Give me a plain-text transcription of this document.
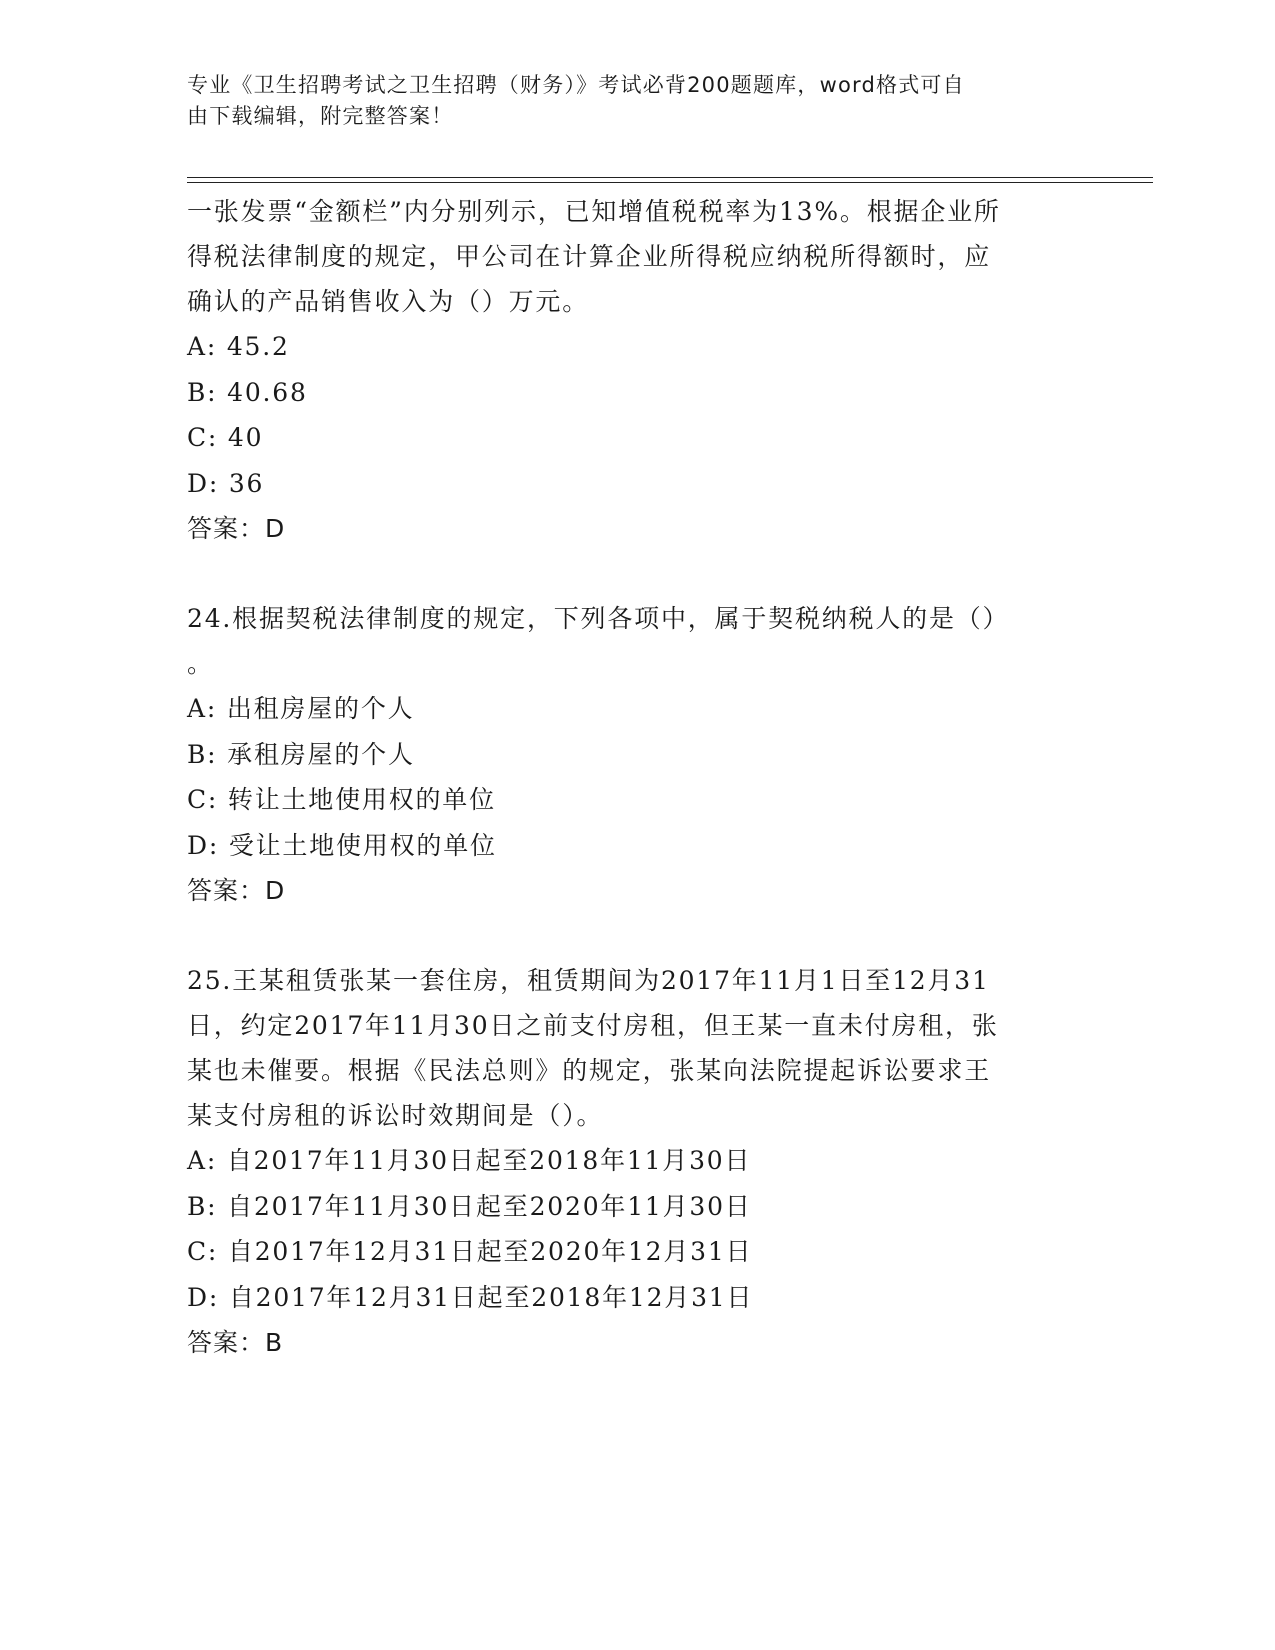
专业《卫生招聘考试之卫生招聘（财务）》考试必背200题题库，word格式可自
由下载编辑，附完整答案！
一张发票“金额栏”内分别列示，已知增值税税率为13%。根据企业所
得税法律制度的规定，甲公司在计算企业所得税应纳税所得额时，应
确认的产品销售收入为（）万元。
A: 45.2
B: 40.68
C: 40
D: 36
答案：D
24.根据契税法律制度的规定，下列各项中，属于契税纳税人的是（）
。
A: 出租房屋的个人
B: 承租房屋的个人
C: 转让土地使用权的单位
D: 受让土地使用权的单位
答案：D
25.王某租赁张某一套住房，租赁期间为2017年11月1日至12月31
日，约定2017年11月30日之前支付房租，但王某一直未付房租，张
某也未催要。根据《民法总则》的规定，张某向法院提起诉讼要求王
某支付房租的诉讼时效期间是（）。
A: 自2017年11月30日起至2018年11月30日
B: 自2017年11月30日起至2020年11月30日
C: 自2017年12月31日起至2020年12月31日
D: 自2017年12月31日起至2018年12月31日
答案：B
